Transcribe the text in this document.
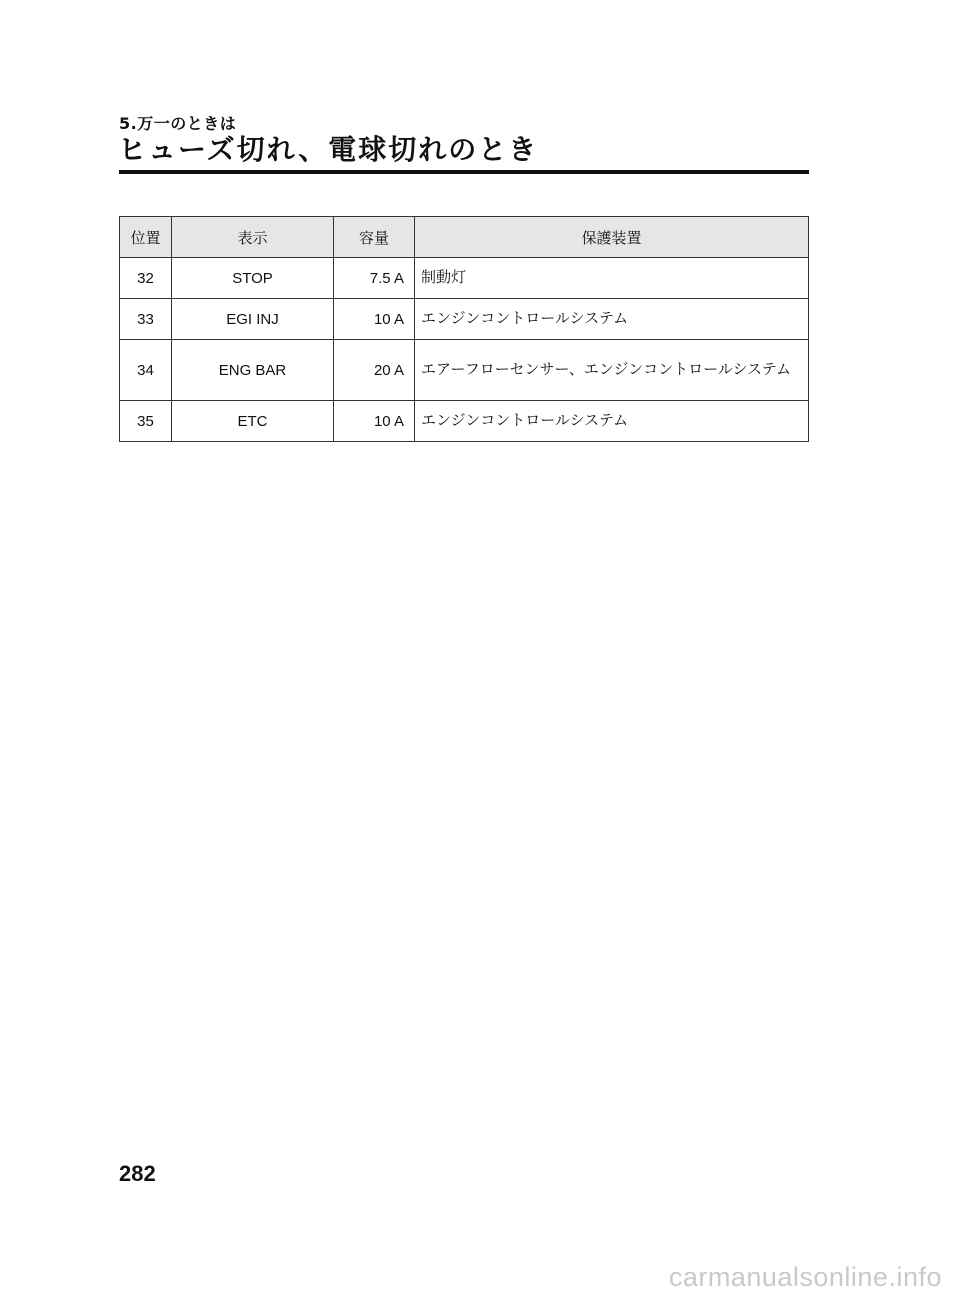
5.万一のときは
ヒューズ切れ、電球切れのとき
位置	表示	容量	保護装置
32	STOP	7.5 A	制動灯
33	EGI INJ	10 A	エンジンコントロールシステム
34	ENG BAR	20 A	エアーフローセンサー、エンジンコントロールシステム
35	ETC	10 A	エンジンコントロールシステム
282
carmanualsonline.info
